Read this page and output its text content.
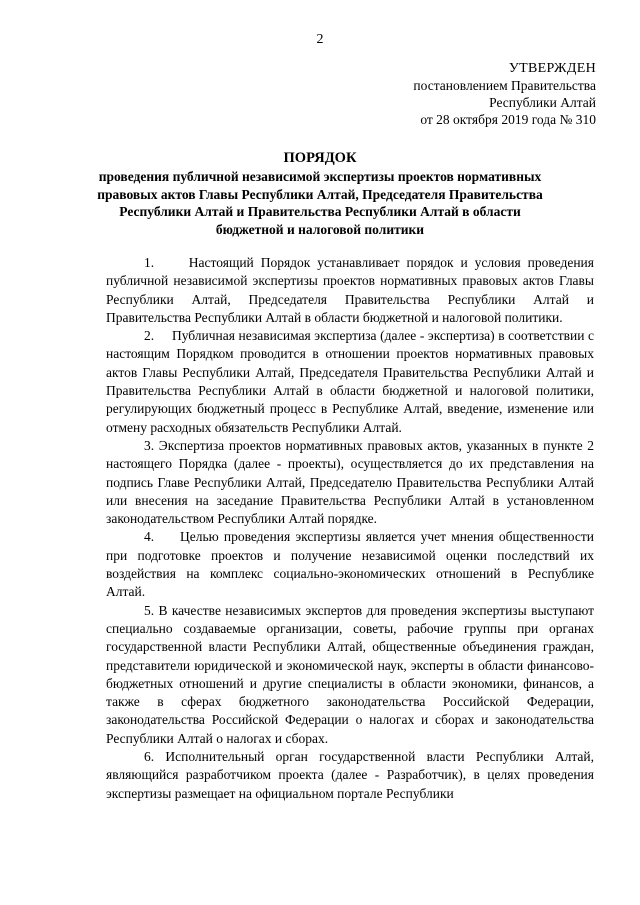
2
УТВЕРЖДЕН
постановлением Правительства
Республики Алтай
от 28 октября 2019 года № 310
ПОРЯДОК
проведения публичной независимой экспертизы проектов нормативных правовых актов Главы Республики Алтай, Председателя Правительства Республики Алтай и Правительства Республики Алтай в области бюджетной и налоговой политики

1.     Настоящий Порядок устанавливает порядок и условия проведения публичной независимой экспертизы проектов нормативных правовых актов Главы Республики Алтай, Председателя Правительства Республики Алтай и Правительства Республики Алтай в области бюджетной и налоговой политики.

2.     Публичная независимая экспертиза (далее - экспертиза) в соответствии с настоящим Порядком проводится в отношении проектов нормативных правовых актов Главы Республики Алтай, Председателя Правительства Республики Алтай и Правительства Республики Алтай в области бюджетной и налоговой политики, регулирующих бюджетный процесс в Республике Алтай, введение, изменение или отмену расходных обязательств Республики Алтай.

3. Экспертиза проектов нормативных правовых актов, указанных в пункте 2 настоящего Порядка (далее - проекты), осуществляется до их представления на подпись Главе Республики Алтай, Председателю Правительства Республики Алтай или внесения на заседание Правительства Республики Алтай в установленном законодательством Республики Алтай порядке.

4.     Целью проведения экспертизы является учет мнения общественности при подготовке проектов и получение независимой оценки последствий их воздействия на комплекс социально-экономических отношений в Республике Алтай.

5. В качестве независимых экспертов для проведения экспертизы выступают специально создаваемые организации, советы, рабочие группы при органах государственной власти Республики Алтай, общественные объединения граждан, представители юридической и экономической наук, эксперты в области финансово-бюджетных отношений и другие специалисты в области экономики, финансов, а также в сферах бюджетного законодательства Российской Федерации, законодательства Российской Федерации о налогах и сборах и законодательства Республики Алтай о налогах и сборах.

6. Исполнительный орган государственной власти Республики Алтай, являющийся разработчиком проекта (далее - Разработчик), в целях проведения экспертизы размещает на официальном портале Республики
